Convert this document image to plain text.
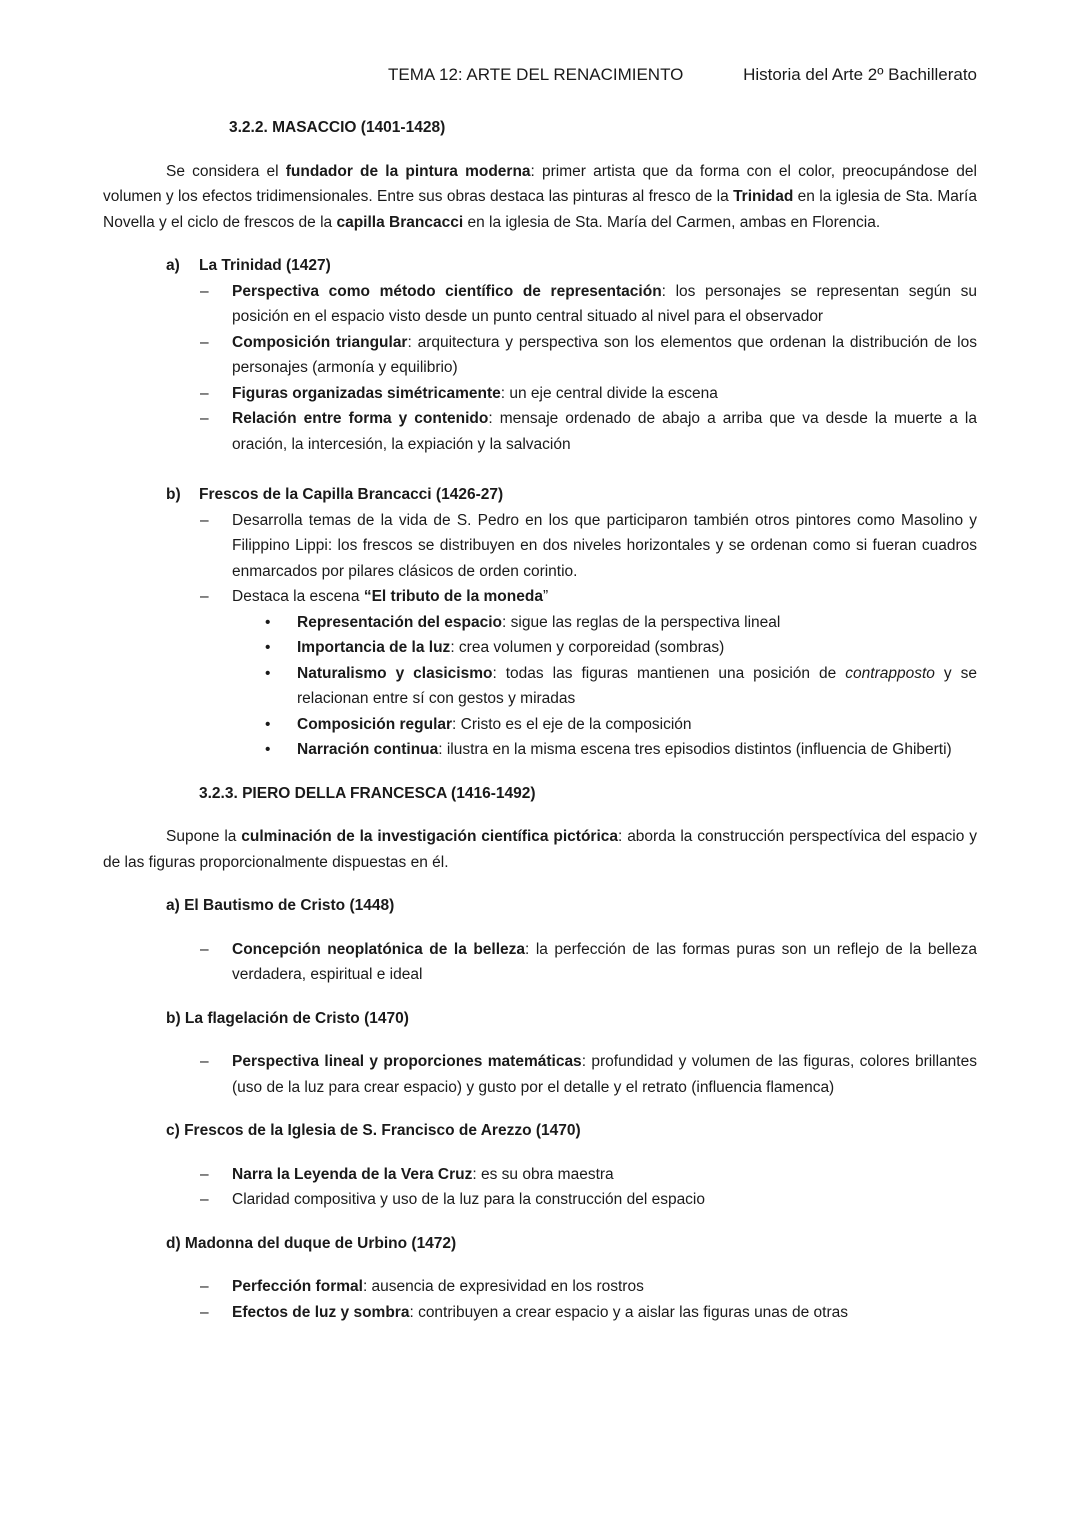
TEMA 12: ARTE DEL RENACIMIENTO	Historia del Arte 2º Bachillerato
3.2.2. MASACCIO (1401-1428)

Se considera el fundador de la pintura moderna: primer artista que da forma con el color, preocupándose del volumen y los efectos tridimensionales. Entre sus obras destaca las pinturas al fresco de la Trinidad en la iglesia de Sta. María Novella y el ciclo de frescos de la capilla Brancacci en la iglesia de Sta. María del Carmen, ambas en Florencia.

a)	La Trinidad (1427)
– Perspectiva como método científico de representación: los personajes se representan según su posición en el espacio visto desde un punto central situado al nivel para el observador
– Composición triangular: arquitectura y perspectiva son los elementos que ordenan la distribución de los personajes (armonía y equilibrio)
– Figuras organizadas simétricamente: un eje central divide la escena
– Relación entre forma y contenido: mensaje ordenado de abajo a arriba que va desde la muerte a la oración, la intercesión, la expiación y la salvación
b)	Frescos de la Capilla Brancacci (1426-27)
– Desarrolla temas de la vida de S. Pedro en los que participaron también otros pintores como Masolino y Filippino Lippi: los frescos se distribuyen en dos niveles horizontales y se ordenan como si fueran cuadros enmarcados por pilares clásicos de orden corintio.
– Destaca la escena “El tributo de la moneda”
• Representación del espacio: sigue las reglas de la perspectiva lineal
• Importancia de la luz: crea volumen y corporeidad (sombras)
• Naturalismo y clasicismo: todas las figuras mantienen una posición de contrapposto y se relacionan entre sí con gestos y miradas
• Composición regular: Cristo es el eje de la composición
• Narración continua: ilustra en la misma escena tres episodios distintos (influencia de Ghiberti)
3.2.3. PIERO DELLA FRANCESCA (1416-1492)

Supone la culminación de la investigación científica pictórica: aborda la construcción perspectívica del espacio y de las figuras proporcionalmente dispuestas en él.

a) El Bautismo de Cristo (1448)
– Concepción neoplatónica de la belleza: la perfección de las formas puras son un reflejo de la belleza verdadera, espiritual e ideal
b) La flagelación de Cristo (1470)
– Perspectiva lineal y proporciones matemáticas: profundidad y volumen de las figuras, colores brillantes (uso de la luz para crear espacio) y gusto por el detalle y el retrato (influencia flamenca)
c) Frescos de la Iglesia de S. Francisco de Arezzo (1470)
– Narra la Leyenda de la Vera Cruz: es su obra maestra
– Claridad compositiva y uso de la luz para la construcción del espacio
d) Madonna del duque de Urbino (1472)
– Perfección formal: ausencia de expresividad en los rostros
– Efectos de luz y sombra: contribuyen a crear espacio y a aislar las figuras unas de otras
